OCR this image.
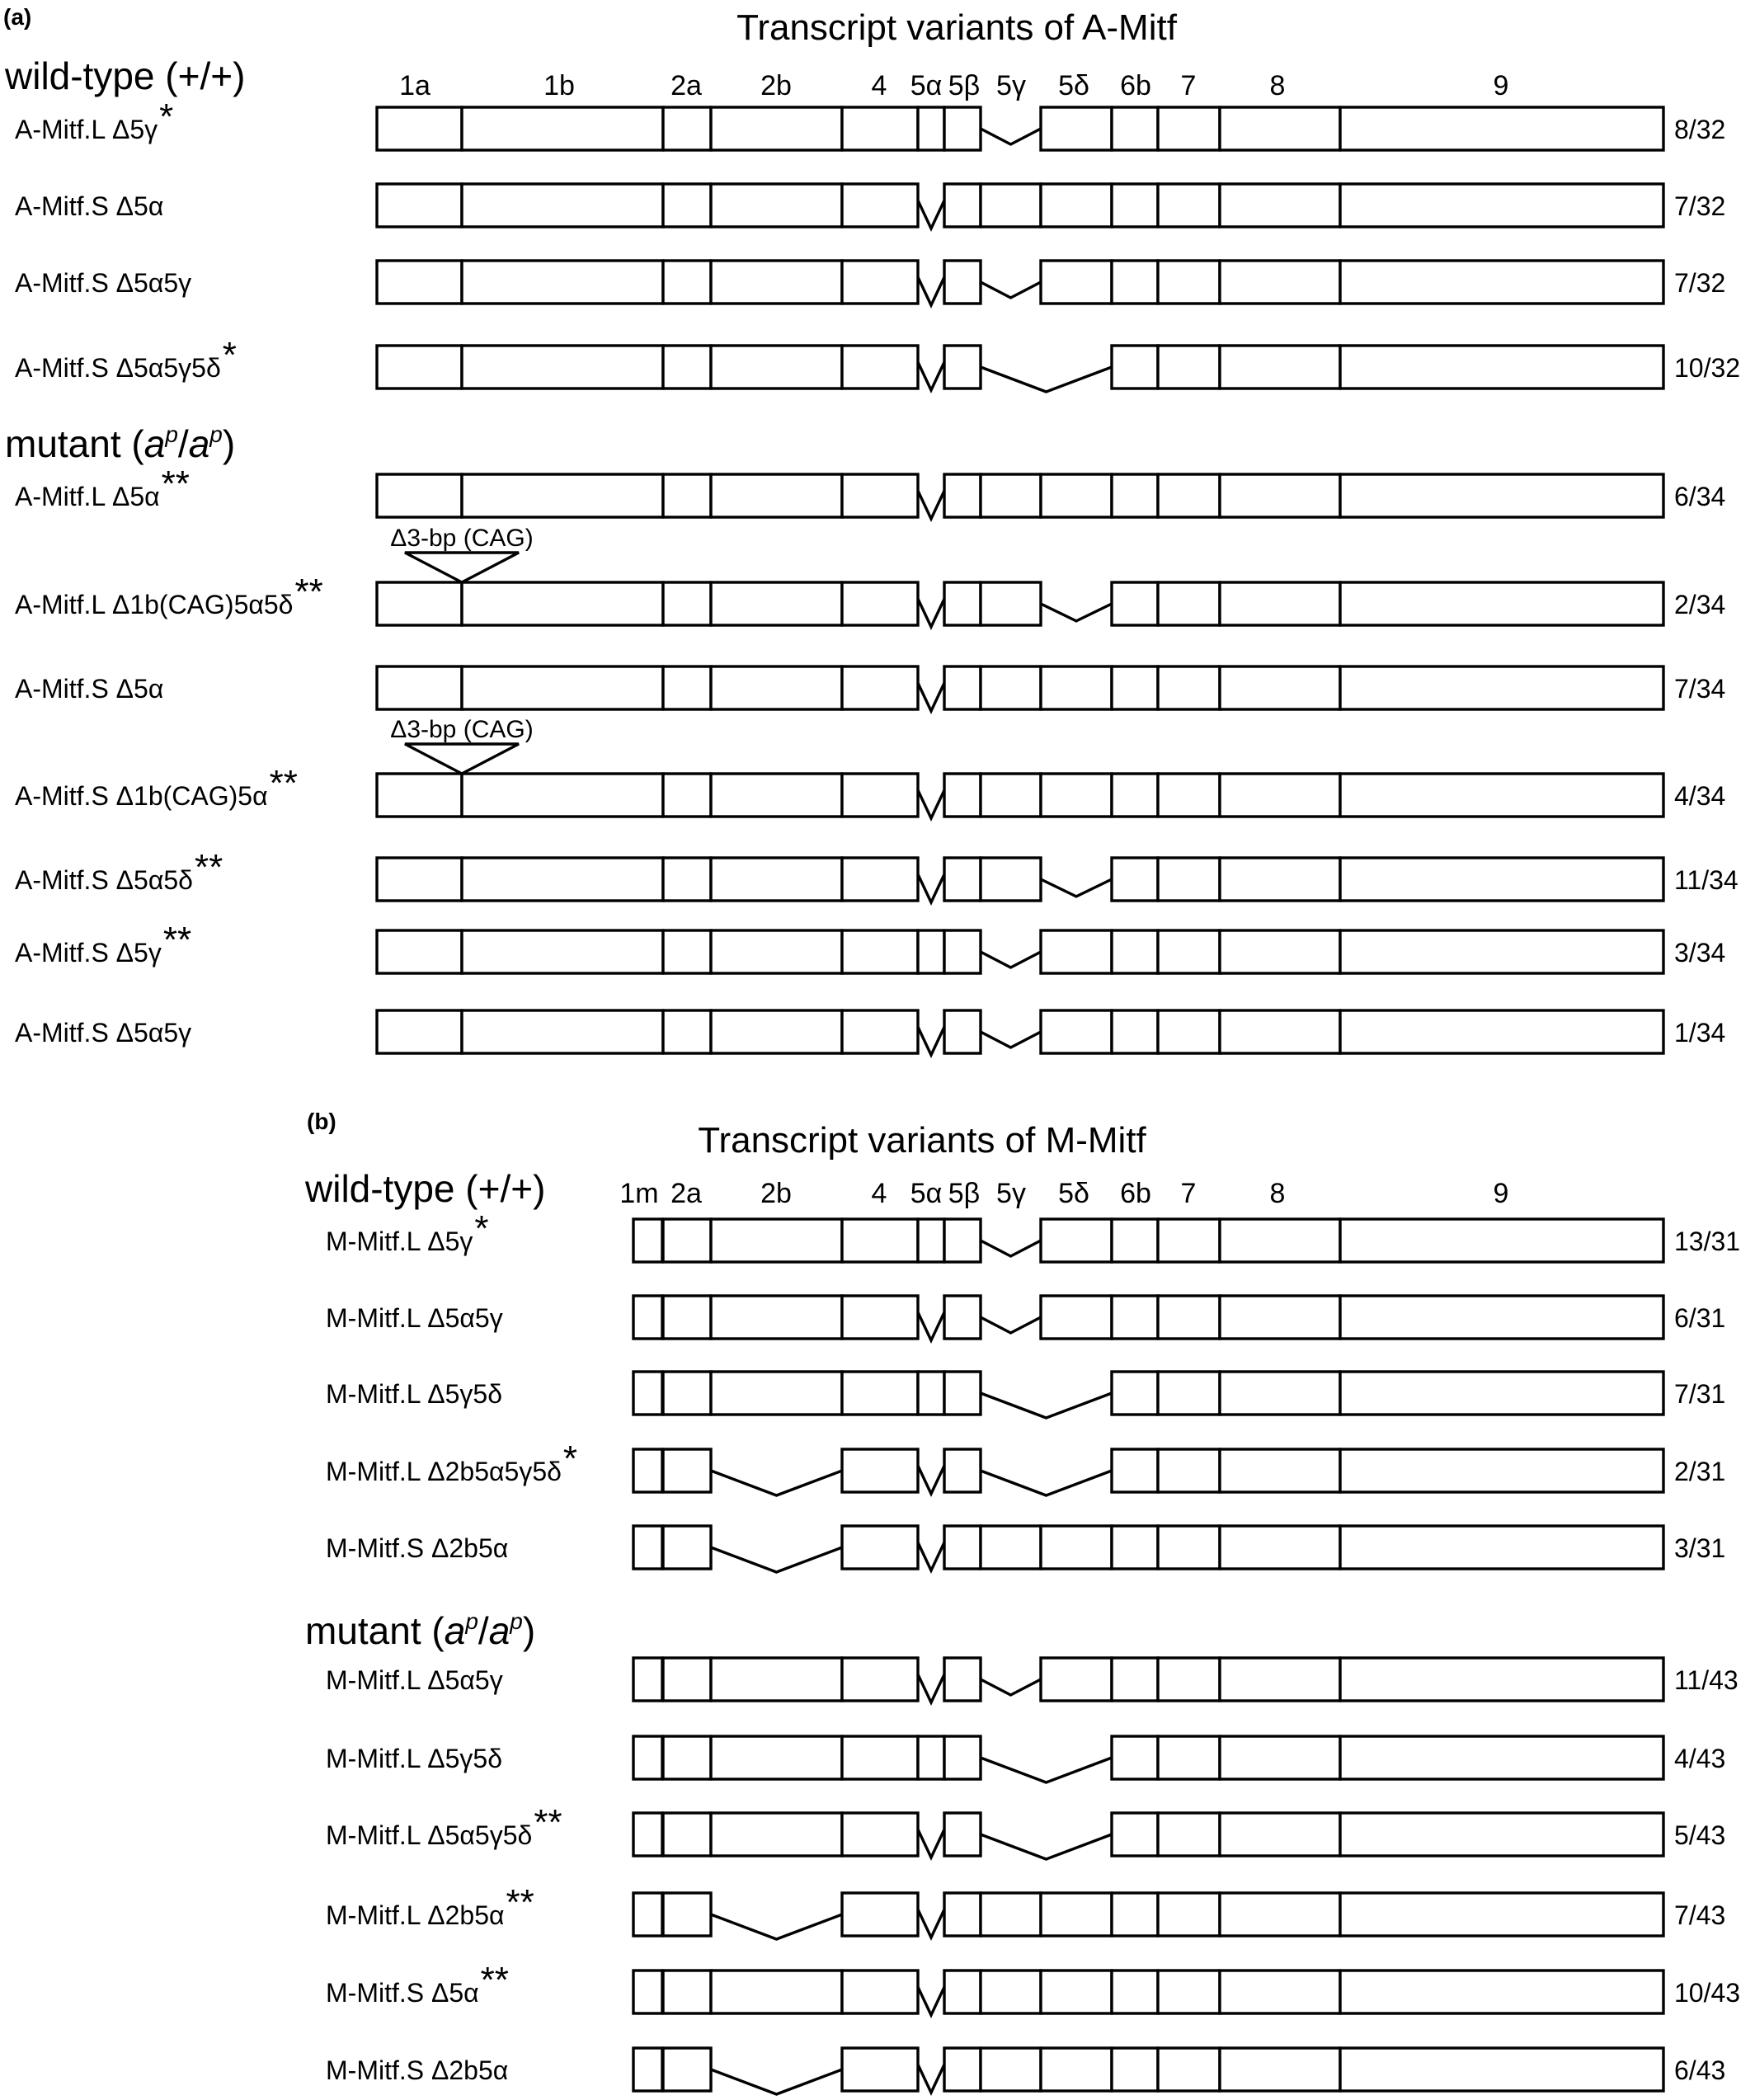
(a)	Transcript variants of A-Mitf
1a	1b	2a 2b	4 5α 5β 5γ 5δ 6b 7	8	9
wild-type (+/+)
A-Mitf.L Δ5γ*	8/32
A-Mitf.S Δ5α	7/32
A-Mitf.S Δ5α5γ	7/32
A-Mitf.S Δ5α5γ5δ*	10/32
mutant $(a^p/a^p)$
A-Mitf.L Δ5α**	6/34
A-Mitf.L Δ1b(CAG)5α5δ**	2/34
Δ3-bp (CAG)
A-Mitf.S Δ5α	7/34
A-Mitf.S Δ1b(CAG)5α**	4/34
Δ3-bp (CAG)
A-Mitf.S Δ5α5δ**	11/34
A-Mitf.S Δ5γ**	3/34
A-Mitf.S Δ5α5γ	1/34
(b)	Transcript variants of M-Mitf
1m 2a 2b	4 5α 5β 5γ 5δ 6b 7	8	9
wild-type (+/+)
M-Mitf.L Δ5γ*	13/31
M-Mitf.L Δ5α5γ	6/31
M-Mitf.L Δ5γ5δ	7/31
M-Mitf.L Δ2b5α5γ5δ*	2/31
M-Mitf.S Δ2b5α	3/31
mutant $(a^p/a^p)$
M-Mitf.L Δ5α5γ	11/43
M-Mitf.L Δ5γ5δ	4/43
M-Mitf.L Δ5α5γ5δ**	5/43
M-Mitf.L Δ2b5α**	7/43
M-Mitf.S Δ5α**	10/43
M-Mitf.S Δ2b5α	6/43
